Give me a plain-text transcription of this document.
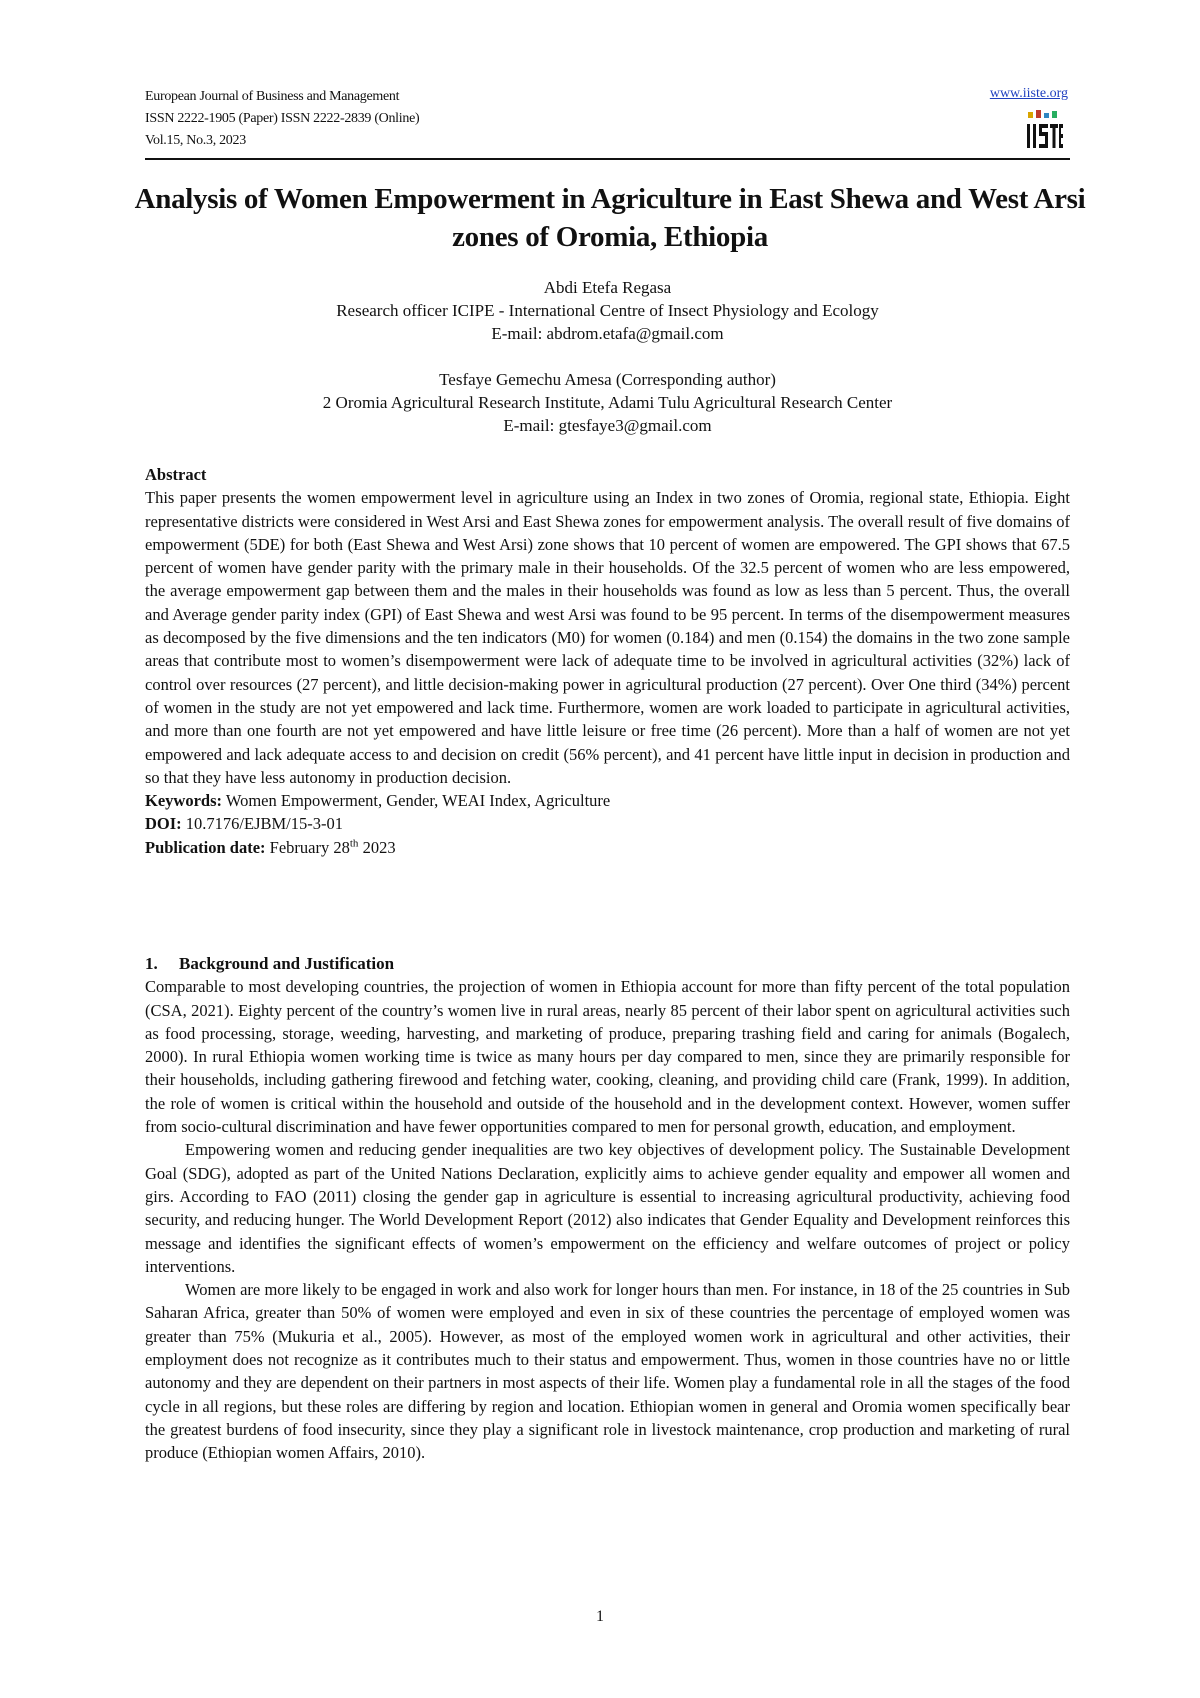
European Journal of Business and Management
ISSN 2222-1905 (Paper) ISSN 2222-2839 (Online)
Vol.15, No.3, 2023
www.iiste.org
Analysis of Women Empowerment in Agriculture in East Shewa and West Arsi zones of Oromia, Ethiopia
Abdi Etefa Regasa
Research officer ICIPE - International Centre of Insect Physiology and Ecology
E-mail: abdrom.etafa@gmail.com
Tesfaye Gemechu Amesa (Corresponding author)
2 Oromia Agricultural Research Institute, Adami Tulu Agricultural Research Center
E-mail: gtesfaye3@gmail.com

Abstract

This paper presents the women empowerment level in agriculture using an Index in two zones of Oromia, regional state, Ethiopia. Eight representative districts were considered in West Arsi and East Shewa zones for empowerment analysis. The overall result of five domains of empowerment (5DE) for both (East Shewa and West Arsi) zone shows that 10 percent of women are empowered. The GPI shows that 67.5 percent of women have gender parity with the primary male in their households. Of the 32.5 percent of women who are less empowered, the average empowerment gap between them and the males in their households was found as low as less than 5 percent. Thus, the overall and Average gender parity index (GPI) of East Shewa and west Arsi was found to be 95 percent. In terms of the disempowerment measures as decomposed by the five dimensions and the ten indicators (M0) for women (0.184) and men (0.154) the domains in the two zone sample areas that contribute most to women’s disempowerment were lack of adequate time to be involved in agricultural activities (32%) lack of control over resources (27 percent), and little decision-making power in agricultural production (27 percent). Over One third (34%) percent of women in the study are not yet empowered and lack time. Furthermore, women are work loaded to participate in agricultural activities, and more than one fourth are not yet empowered and have little leisure or free time (26 percent). More than a half of women are not yet empowered and lack adequate access to and decision on credit (56% percent), and 41 percent have little input in decision in production and so that they have less autonomy in production decision.

Keywords: Women Empowerment, Gender, WEAI Index, Agriculture

DOI: 10.7176/EJBM/15-3-01

Publication date: February 28th 2023

1. Background and Justification

Comparable to most developing countries, the projection of women in Ethiopia account for more than fifty percent of the total population (CSA, 2021). Eighty percent of the country’s women live in rural areas, nearly 85 percent of their labor spent on agricultural activities such as food processing, storage, weeding, harvesting, and marketing of produce, preparing trashing field and caring for animals (Bogalech, 2000). In rural Ethiopia women working time is twice as many hours per day compared to men, since they are primarily responsible for their households, including gathering firewood and fetching water, cooking, cleaning, and providing child care (Frank, 1999). In addition, the role of women is critical within the household and outside of the household and in the development context. However, women suffer from socio-cultural discrimination and have fewer opportunities compared to men for personal growth, education, and employment.

Empowering women and reducing gender inequalities are two key objectives of development policy. The Sustainable Development Goal (SDG), adopted as part of the United Nations Declaration, explicitly aims to achieve gender equality and empower all women and girs. According to FAO (2011) closing the gender gap in agriculture is essential to increasing agricultural productivity, achieving food security, and reducing hunger. The World Development Report (2012) also indicates that Gender Equality and Development reinforces this message and identifies the significant effects of women’s empowerment on the efficiency and welfare outcomes of project or policy interventions.

Women are more likely to be engaged in work and also work for longer hours than men. For instance, in 18 of the 25 countries in Sub Saharan Africa, greater than 50% of women were employed and even in six of these countries the percentage of employed women was greater than 75% (Mukuria et al., 2005). However, as most of the employed women work in agricultural and other activities, their employment does not recognize as it contributes much to their status and empowerment. Thus, women in those countries have no or little autonomy and they are dependent on their partners in most aspects of their life. Women play a fundamental role in all the stages of the food cycle in all regions, but these roles are differing by region and location. Ethiopian women in general and Oromia women specifically bear the greatest burdens of food insecurity, since they play a significant role in livestock maintenance, crop production and marketing of rural produce (Ethiopian women Affairs, 2010).

1
